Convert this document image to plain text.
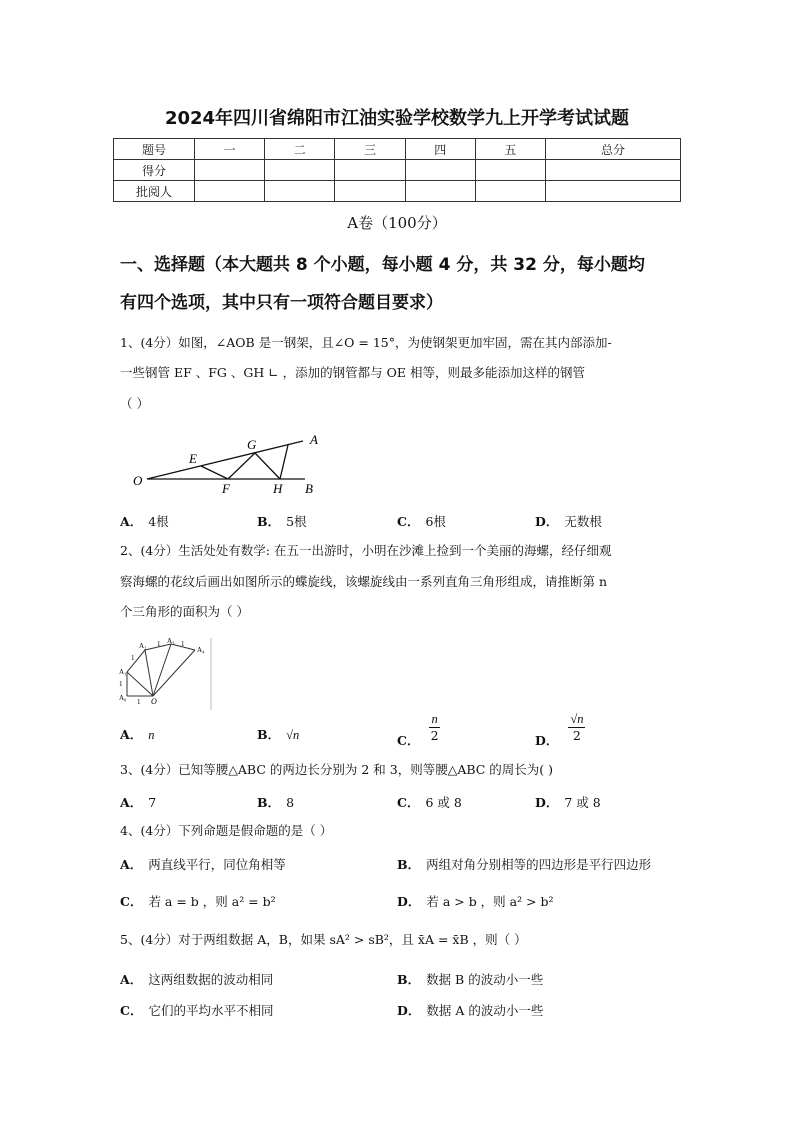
2024年四川省绵阳市江油实验学校数学九上开学考试试题
题号	一	二	三	四	五	总分
得分						
批阅人						
A卷（100分）
一、选择题（本大题共 8 个小题，每小题 4 分，共 32 分，每小题均
有四个选项，其中只有一项符合题目要求）
1、(4分）如图，∠AOB 是一钢架，且∠O = 15°，为使钢架更加牢固，需在其内部添加-
一些钢管 EF 、FG 、GH ∟ ，添加的钢管都与 OE 相等，则最多能添加这样的钢管
（ ）
O
E
G	A
F	H B
A． 4根	B． 5根	C． 6根	D． 无数根
2、(4分）生活处处有数学: 在五一出游时，小明在沙滩上捡到一个美丽的海螺，经仔细观
察海螺的花纹后画出如图所示的蝶旋线，该螺旋线由一系列直角三角形组成，请推断第 n
个三角形的面积为（ ）
A₁
A₂
A₃
A₄
A₀	O
1
1
1
1	1
A． n	B． √n	C． $\frac{n}{2}$	D． $\frac{√n}{2}$
3、(4分）已知等腰△ABC 的两边长分别为 2 和 3，则等腰△ABC 的周长为( )
A． 7	B． 8	C． 6 或 8	D． 7 或 8
4、(4分）下列命题是假命题的是（ ）
A． 两直线平行，同位角相等	B． 两组对角分别相等的四边形是平行四边形
C． 若 a = b ，则 a² = b²	D． 若 a > b ，则 a² > b²
5、(4分）对于两组数据 A，B，如果 sA² > sB²，且 x̄A = x̄B ，则（ ）
A． 这两组数据的波动相同	B． 数据 B 的波动小一些
C． 它们的平均水平不相同	D． 数据 A 的波动小一些
